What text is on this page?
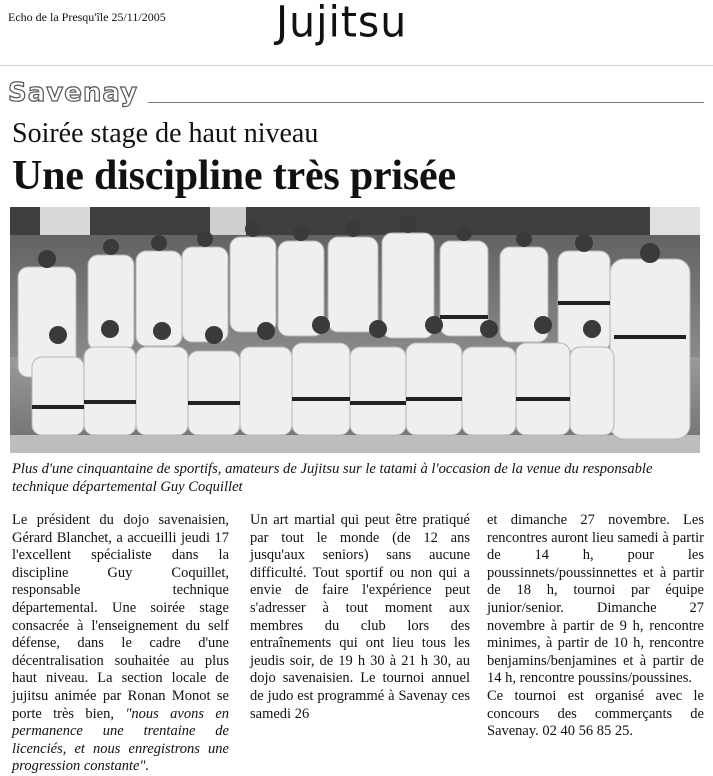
Echo de la Presqu'île 25/11/2005	Jujitsu
Savenay
Soirée stage de haut niveau
Une discipline très prisée
Plus d'une cinquantaine de sportifs, amateurs de Jujitsu sur le tatami à l'occasion de la venue du responsable technique départemental Guy Coquillet

Le président du dojo savenaisien, Gérard Blanchet, a accueilli jeudi 17 l'excellent spécialiste dans la discipline Guy Coquillet, responsable technique départemental. Une soirée stage consacrée à l'enseignement du self défense, dans le cadre d'une décentralisation souhaitée au plus haut niveau. La section locale de jujitsu animée par Ronan Monot se porte très bien, "nous avons en permanence une trentaine de licenciés, et nous enregistrons une progression constante".

Un art martial qui peut être pratiqué par tout le monde (de 12 ans jusqu'aux seniors) sans aucune difficulté. Tout sportif ou non qui a envie de faire l'expérience peut s'adresser à tout moment aux membres du club lors des entraînements qui ont lieu tous les jeudis soir, de 19 h 30 à 21 h 30, au dojo savenaisien. Le tournoi annuel de judo est programmé à Savenay ces samedi 26

et dimanche 27 novembre. Les rencontres auront lieu samedi à partir de 14 h, pour les poussinnets/poussinnettes et à partir de 18 h, tournoi par équipe junior/senior. Dimanche 27 novembre à partir de 9 h, rencontre minimes, à partir de 10 h, rencontre benjamins/benjamines et à partir de 14 h, rencontre poussins/poussines.

Ce tournoi est organisé avec le concours des commerçants de Savenay. 02 40 56 85 25.
